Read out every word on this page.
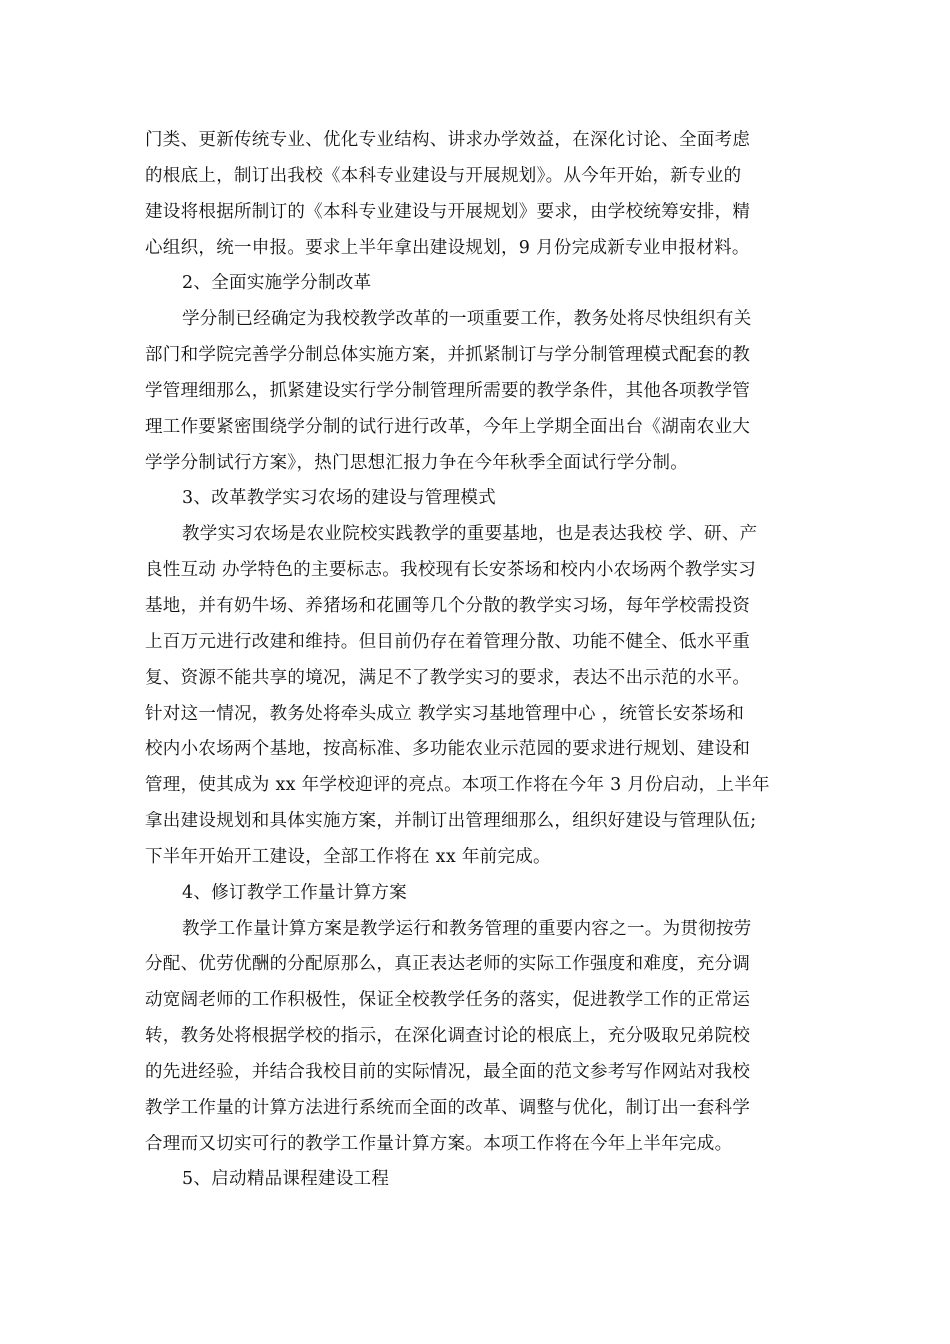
门类、更新传统专业、优化专业结构、讲求办学效益，在深化讨论、全面考虑
的根底上，制订出我校《本科专业建设与开展规划》。从今年开始，新专业的
建设将根据所制订的《本科专业建设与开展规划》要求，由学校统筹安排，精
心组织，统一申报。要求上半年拿出建设规划，9 月份完成新专业申报材料。
2、全面实施学分制改革
学分制已经确定为我校教学改革的一项重要工作，教务处将尽快组织有关
部门和学院完善学分制总体实施方案，并抓紧制订与学分制管理模式配套的教
学管理细那么，抓紧建设实行学分制管理所需要的教学条件，其他各项教学管
理工作要紧密围绕学分制的试行进行改革，今年上学期全面出台《湖南农业大
学学分制试行方案》，热门思想汇报力争在今年秋季全面试行学分制。
3、改革教学实习农场的建设与管理模式
教学实习农场是农业院校实践教学的重要基地，也是表达我校 学、研、产
良性互动 办学特色的主要标志。我校现有长安茶场和校内小农场两个教学实习
基地，并有奶牛场、养猪场和花圃等几个分散的教学实习场，每年学校需投资
上百万元进行改建和维持。但目前仍存在着管理分散、功能不健全、低水平重
复、资源不能共享的境况，满足不了教学实习的要求，表达不出示范的水平。
针对这一情况，教务处将牵头成立 教学实习基地管理中心 ，统管长安茶场和
校内小农场两个基地，按高标准、多功能农业示范园的要求进行规划、建设和
管理，使其成为 xx 年学校迎评的亮点。本项工作将在今年 3 月份启动，上半年
拿出建设规划和具体实施方案，并制订出管理细那么，组织好建设与管理队伍;
下半年开始开工建设，全部工作将在 xx 年前完成。
4、修订教学工作量计算方案
教学工作量计算方案是教学运行和教务管理的重要内容之一。为贯彻按劳
分配、优劳优酬的分配原那么，真正表达老师的实际工作强度和难度，充分调
动宽阔老师的工作积极性，保证全校教学任务的落实，促进教学工作的正常运
转，教务处将根据学校的指示，在深化调查讨论的根底上，充分吸取兄弟院校
的先进经验，并结合我校目前的实际情况，最全面的范文参考写作网站对我校
教学工作量的计算方法进行系统而全面的改革、调整与优化，制订出一套科学
合理而又切实可行的教学工作量计算方案。本项工作将在今年上半年完成。
5、启动精品课程建设工程
